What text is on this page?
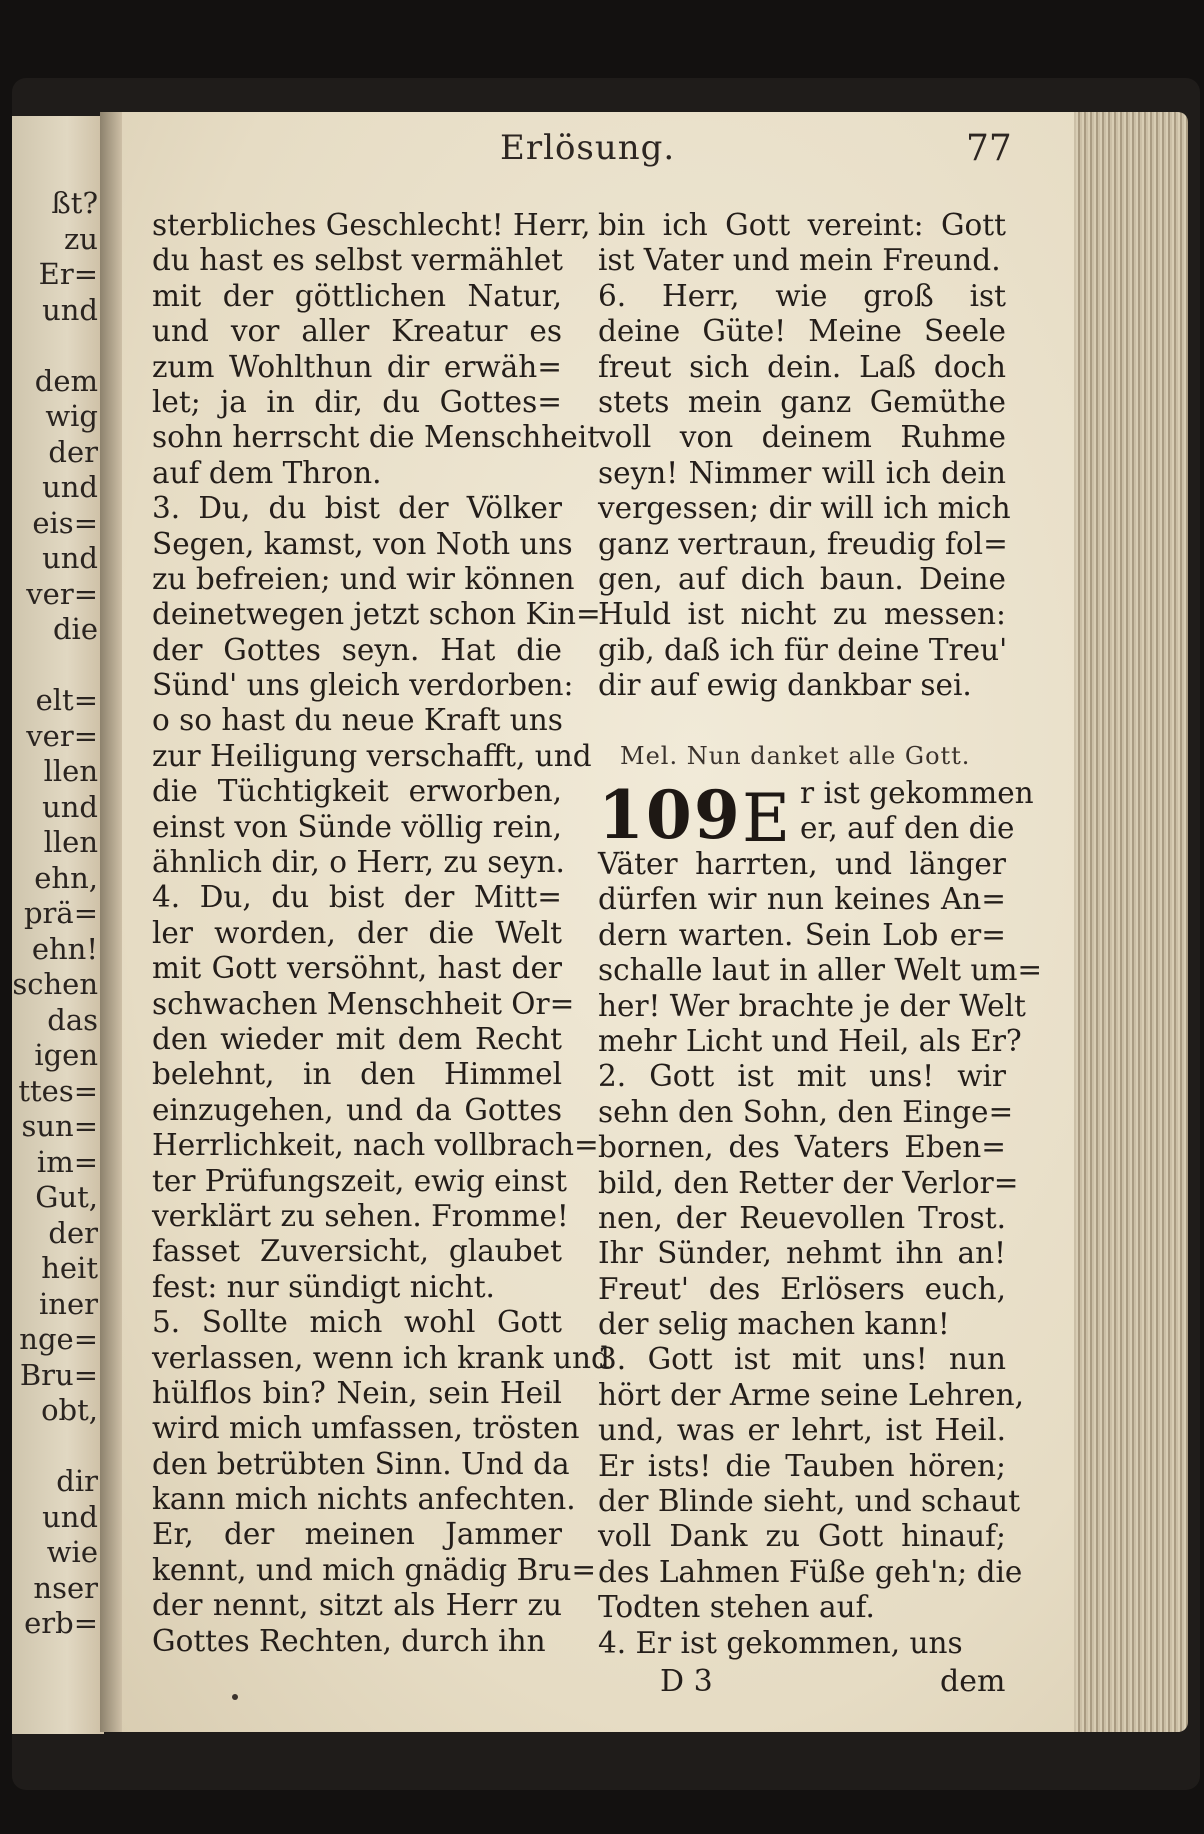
ßt?
zu
Er=
und
dem
wig
der
und
eis=
und
ver=
die
elt=
ver=
llen
und
llen
ehn,
prä=
ehn!
schen
das
igen
ttes=
sun=
im=
Gut,
der
heit
iner
nge=
Bru=
obt,
dir
und
wie
nser
erb=
Erlösung.	77
sterbliches Geschlecht! Herr,
du hast es selbst vermählet
mit der göttlichen Natur,
und vor aller Kreatur es
zum Wohlthun dir erwäh=
let; ja in dir, du Gottes=
sohn herrscht die Menschheit
auf dem Thron.
3. Du, du bist der Völker
Segen, kamst, von Noth uns
zu befreien; und wir können
deinetwegen jetzt schon Kin=
der Gottes seyn. Hat die
Sünd' uns gleich verdorben:
o so hast du neue Kraft uns
zur Heiligung verschafft, und
die Tüchtigkeit erworben,
einst von Sünde völlig rein,
ähnlich dir, o Herr, zu seyn.
4. Du, du bist der Mitt=
ler worden, der die Welt
mit Gott versöhnt, hast der
schwachen Menschheit Or=
den wieder mit dem Recht
belehnt, in den Himmel
einzugehen, und da Gottes
Herrlichkeit, nach vollbrach=
ter Prüfungszeit, ewig einst
verklärt zu sehen. Fromme!
fasset Zuversicht, glaubet
fest: nur sündigt nicht.
5. Sollte mich wohl Gott
verlassen, wenn ich krank und
hülflos bin? Nein, sein Heil
wird mich umfassen, trösten
den betrübten Sinn. Und da
kann mich nichts anfechten.
Er, der meinen Jammer
kennt, und mich gnädig Bru=
der nennt, sitzt als Herr zu
Gottes Rechten, durch ihn
bin ich Gott vereint: Gott
ist Vater und mein Freund.
6. Herr, wie groß ist
deine Güte! Meine Seele
freut sich dein. Laß doch
stets mein ganz Gemüthe
voll von deinem Ruhme
seyn! Nimmer will ich dein
vergessen; dir will ich mich
ganz vertraun, freudig fol=
gen, auf dich baun. Deine
Huld ist nicht zu messen:
gib, daß ich für deine Treu'
dir auf ewig dankbar sei.
Mel. Nun danket alle Gott.
109 E r ist gekommen
er, auf den die
Väter harrten, und länger
dürfen wir nun keines An=
dern warten. Sein Lob er=
schalle laut in aller Welt um=
her! Wer brachte je der Welt
mehr Licht und Heil, als Er?
2. Gott ist mit uns! wir
sehn den Sohn, den Einge=
bornen, des Vaters Eben=
bild, den Retter der Verlor=
nen, der Reuevollen Trost.
Ihr Sünder, nehmt ihn an!
Freut' des Erlösers euch,
der selig machen kann!
3. Gott ist mit uns! nun
hört der Arme seine Lehren,
und, was er lehrt, ist Heil.
Er ists! die Tauben hören;
der Blinde sieht, und schaut
voll Dank zu Gott hinauf;
des Lahmen Füße geh'n; die
Todten stehen auf.
4. Er ist gekommen, uns
D 3	dem
